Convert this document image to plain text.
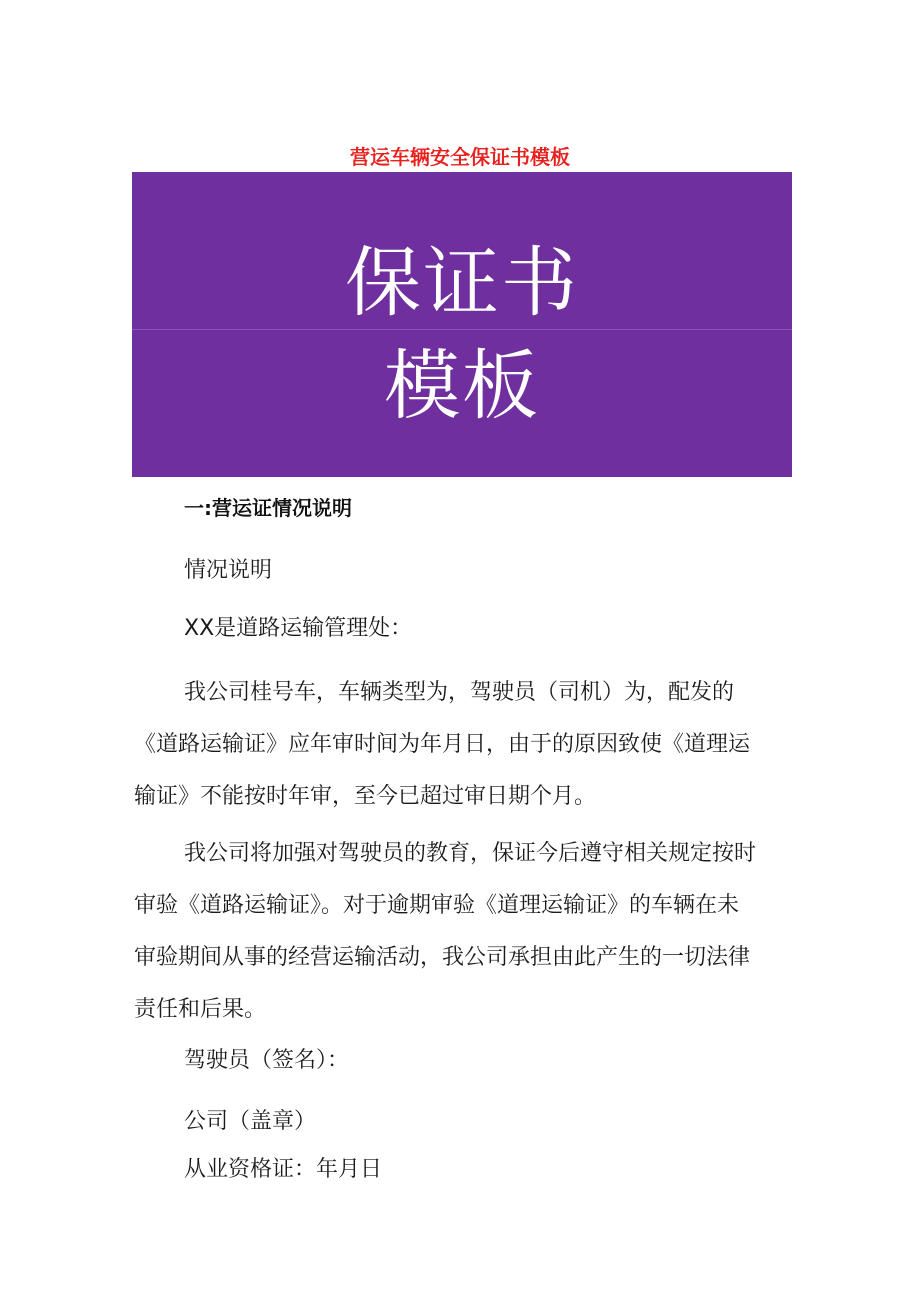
营运车辆安全保证书模板
保证书
模板
一:营运证情况说明
情况说明
XX是道路运输管理处：
我公司桂号车，车辆类型为，驾驶员（司机）为，配发的
《道路运输证》应年审时间为年月日，由于的原因致使《道理运
输证》不能按时年审，至今已超过审日期个月。
我公司将加强对驾驶员的教育，保证今后遵守相关规定按时
审验《道路运输证》。对于逾期审验《道理运输证》的车辆在未
审验期间从事的经营运输活动，我公司承担由此产生的一切法律
责任和后果。
驾驶员（签名）：
公司（盖章）
从业资格证：年月日
